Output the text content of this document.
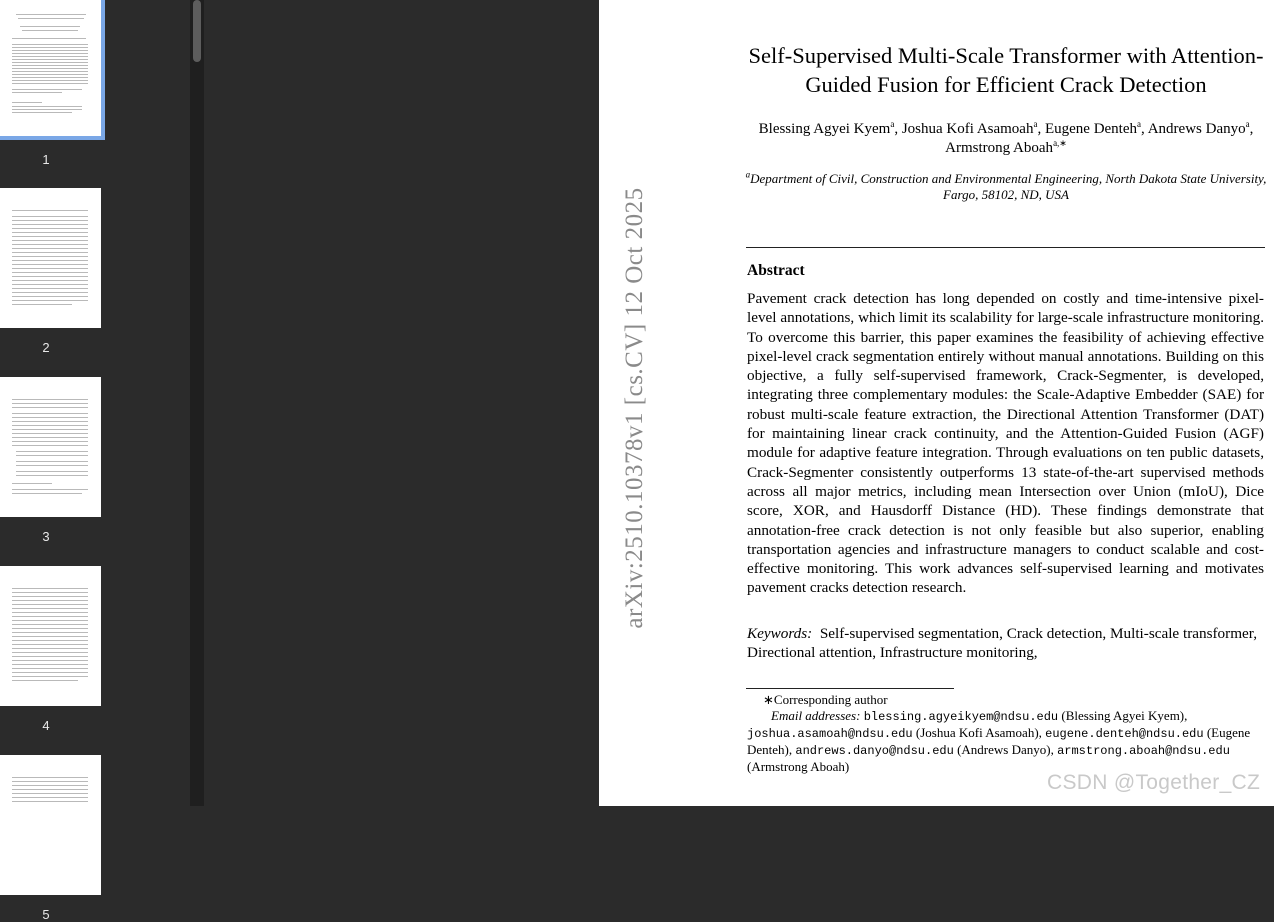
1
2
3
4
5
arXiv:2510.10378v1 [cs.CV] 12 Oct 2025
Self-Supervised Multi-Scale Transformer with Attention-Guided Fusion for Efficient Crack Detection
Blessing Agyei Kyem$^a$, Joshua Kofi Asamoah$^a$, Eugene Denteh$^a$, Andrews Danyo$^a$, Armstrong Aboah$^{a,∗}$
$^a$Department of Civil, Construction and Environmental Engineering, North Dakota State University, Fargo, 58102, ND, USA
Abstract
Pavement crack detection has long depended on costly and time-intensive pixel-level annotations, which limit its scalability for large-scale infrastructure monitoring. To overcome this barrier, this paper examines the feasibility of achieving effective pixel-level crack segmentation entirely without manual annotations. Building on this objective, a fully self-supervised framework, Crack-Segmenter, is developed, integrating three complementary modules: the Scale-Adaptive Embedder (SAE) for robust multi-scale feature extraction, the Directional Attention Transformer (DAT) for maintaining linear crack continuity, and the Attention-Guided Fusion (AGF) module for adaptive feature integration. Through evaluations on ten public datasets, Crack-Segmenter consistently outperforms 13 state-of-the-art supervised methods across all major metrics, including mean Intersection over Union (mIoU), Dice score, XOR, and Hausdorff Distance (HD). These findings demonstrate that annotation-free crack detection is not only feasible but also superior, enabling transportation agencies and infrastructure managers to conduct scalable and cost-effective monitoring. This work advances self-supervised learning and motivates pavement cracks detection research.
Keywords: Self-supervised segmentation, Crack detection, Multi-scale transformer, Directional attention, Infrastructure monitoring,
∗Corresponding author
Email addresses: blessing.agyeikyem@ndsu.edu (Blessing Agyei Kyem), joshua.asamoah@ndsu.edu (Joshua Kofi Asamoah), eugene.denteh@ndsu.edu (Eugene Denteh), andrews.danyo@ndsu.edu (Andrews Danyo), armstrong.aboah@ndsu.edu (Armstrong Aboah)
CSDN @Together_CZ
